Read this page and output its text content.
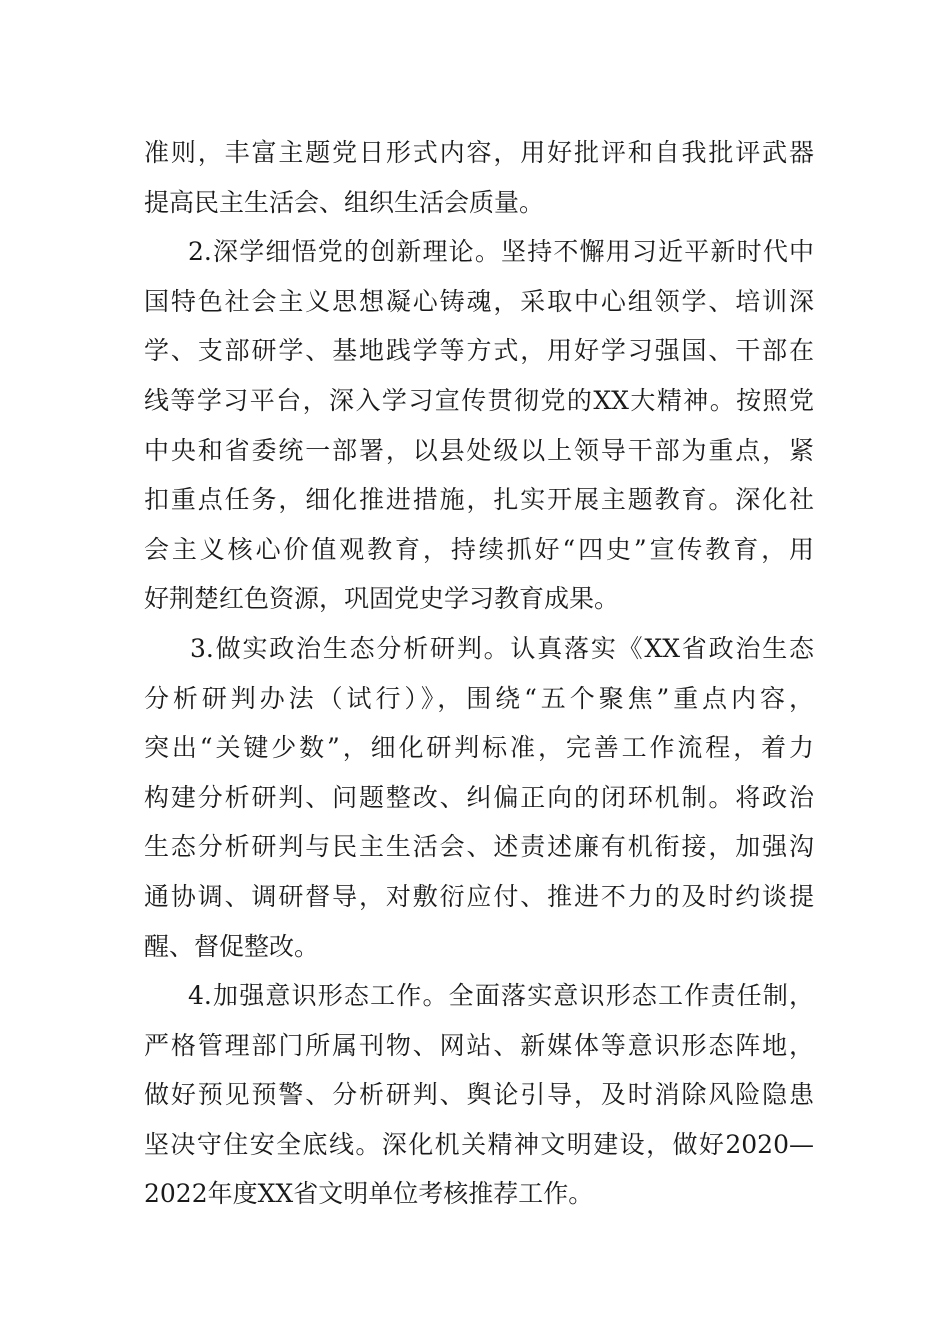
准则，丰富主题党日形式内容，用好批评和自我批评武器
提高民主生活会、组织生活会质量。
2.深学细悟党的创新理论。坚持不懈用习近平新时代中
国特色社会主义思想凝心铸魂，采取中心组领学、培训深
学、支部研学、基地践学等方式，用好学习强国、干部在
线等学习平台，深入学习宣传贯彻党的XX大精神。按照党
中央和省委统一部署，以县处级以上领导干部为重点，紧
扣重点任务，细化推进措施，扎实开展主题教育。深化社
会主义核心价值观教育，持续抓好“四史”宣传教育，用
好荆楚红色资源，巩固党史学习教育成果。
3.做实政治生态分析研判。认真落实《XX省政治生态
分析研判办法（试行）》，围绕“五个聚焦”重点内容，
突出“关键少数”，细化研判标准，完善工作流程，着力
构建分析研判、问题整改、纠偏正向的闭环机制。将政治
生态分析研判与民主生活会、述责述廉有机衔接，加强沟
通协调、调研督导，对敷衍应付、推进不力的及时约谈提
醒、督促整改。
4.加强意识形态工作。全面落实意识形态工作责任制，
严格管理部门所属刊物、网站、新媒体等意识形态阵地，
做好预见预警、分析研判、舆论引导，及时消除风险隐患
坚决守住安全底线。深化机关精神文明建设，做好2020—
2022年度XX省文明单位考核推荐工作。
